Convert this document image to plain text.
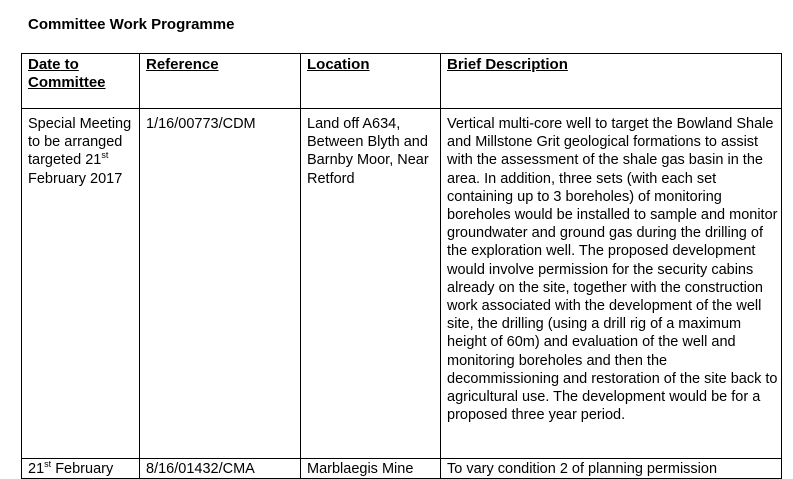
Committee Work Programme
Date to Committee	Reference	Location	Brief Description
Special Meeting to be arranged targeted 21st February 2017	1/16/00773/CDM	Land off A634, Between Blyth and Barnby Moor, Near Retford	Vertical multi-core well to target the Bowland Shale and Millstone Grit geological formations to assist with the assessment of the shale gas basin in the area. In addition, three sets (with each set containing up to 3 boreholes) of monitoring boreholes would be installed to sample and monitor groundwater and ground gas during the drilling of the exploration well. The proposed development would involve permission for the security cabins already on the site, together with the construction work associated with the development of the well site, the drilling (using a drill rig of a maximum height of 60m) and evaluation of the well and monitoring boreholes and then the decommissioning and restoration of the site back to agricultural use. The development would be for a proposed three year period.
21st February	8/16/01432/CMA	Marblaegis Mine	To vary condition 2 of planning permission
